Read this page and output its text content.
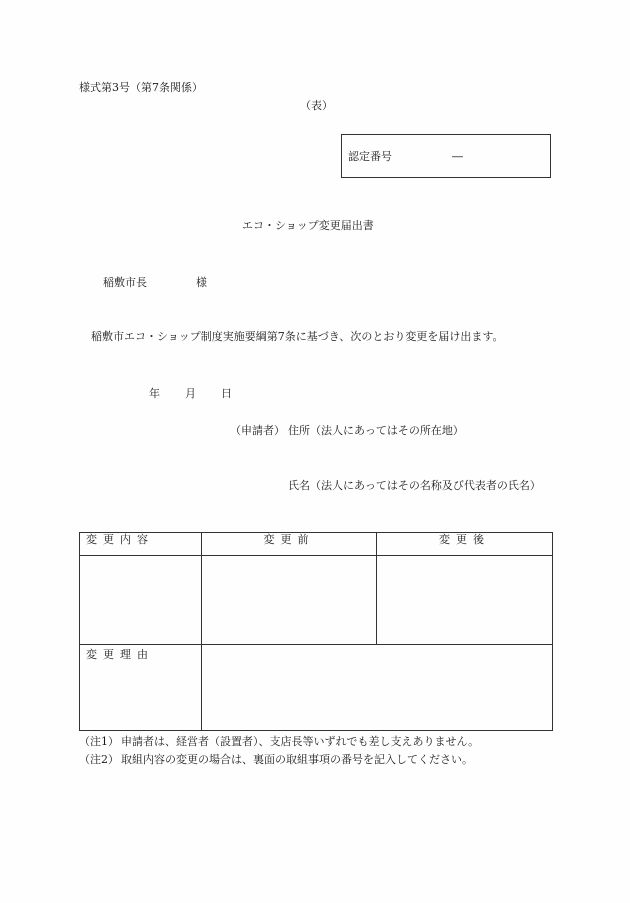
様式第3号（第7条関係）
（表）
認定番号	―
エコ・ショップ変更届出書
稲敷市長	様
稲敷市エコ・ショップ制度実施要綱第7条に基づき、次のとおり変更を届け出ます。
年 月 日
（申請者） 住所（法人にあってはその所在地）
氏名（法人にあってはその名称及び代表者の氏名）
変更内容	変更前	変更後

変更理由		
（注1） 申請者は、経営者（設置者）、支店長等いずれでも差し支えありません。
（注2） 取組内容の変更の場合は、裏面の取組事項の番号を記入してください。
